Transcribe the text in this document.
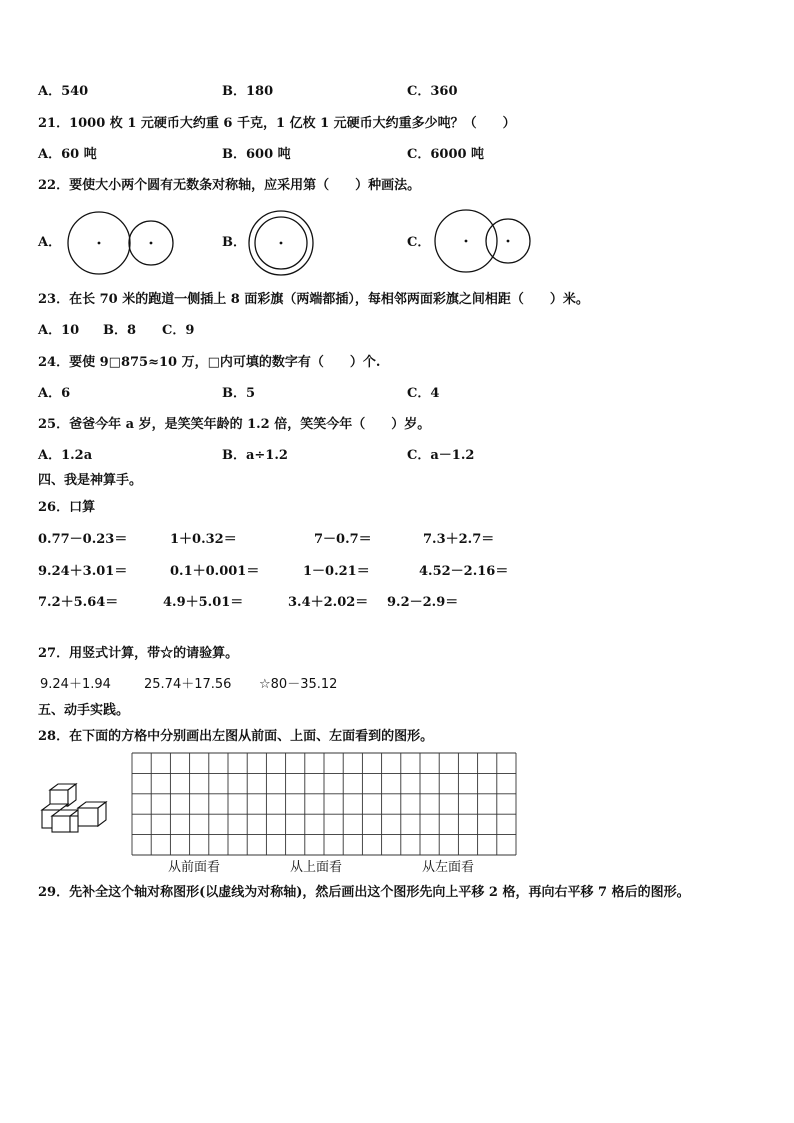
A．540	B．180	C．360
21．1000 枚 1 元硬币大约重 6 千克，1 亿枚 1 元硬币大约重多少吨？（　　）
A．60 吨	B．600 吨	C．6000 吨
22．要使大小两个圆有无数条对称轴，应采用第（　　）种画法。
A．	B．	C．
23．在长 70 米的跑道一侧插上 8 面彩旗（两端都插），每相邻两面彩旗之间相距（　　）米。
A．10 B．8 C．9
24．要使 9□875≈10 万，□内可填的数字有（　　）个.
A．6	B．5	C．4
25．爸爸今年 a 岁，是笑笑年龄的 1.2 倍，笑笑今年（　　）岁。
A．1.2a	B．a÷1.2	C．a－1.2
四、我是神算手。
26．口算
0.77－0.23＝	1＋0.32＝	7－0.7＝	7.3＋2.7＝
9.24＋3.01＝	0.1＋0.001＝	1－0.21＝	4.52－2.16＝
7.2＋5.64＝	4.9＋5.01＝	3.4＋2.02＝ 9.2－2.9＝
27．用竖式计算，带☆的请验算。
9.24＋1.94	25.74＋17.56 ☆80－35.12
五、动手实践。
28．在下面的方格中分别画出左图从前面、上面、左面看到的图形。
从前面看	从上面看	从左面看
29．先补全这个轴对称图形(以虚线为对称轴)，然后画出这个图形先向上平移 2 格，再向右平移 7 格后的图形。
